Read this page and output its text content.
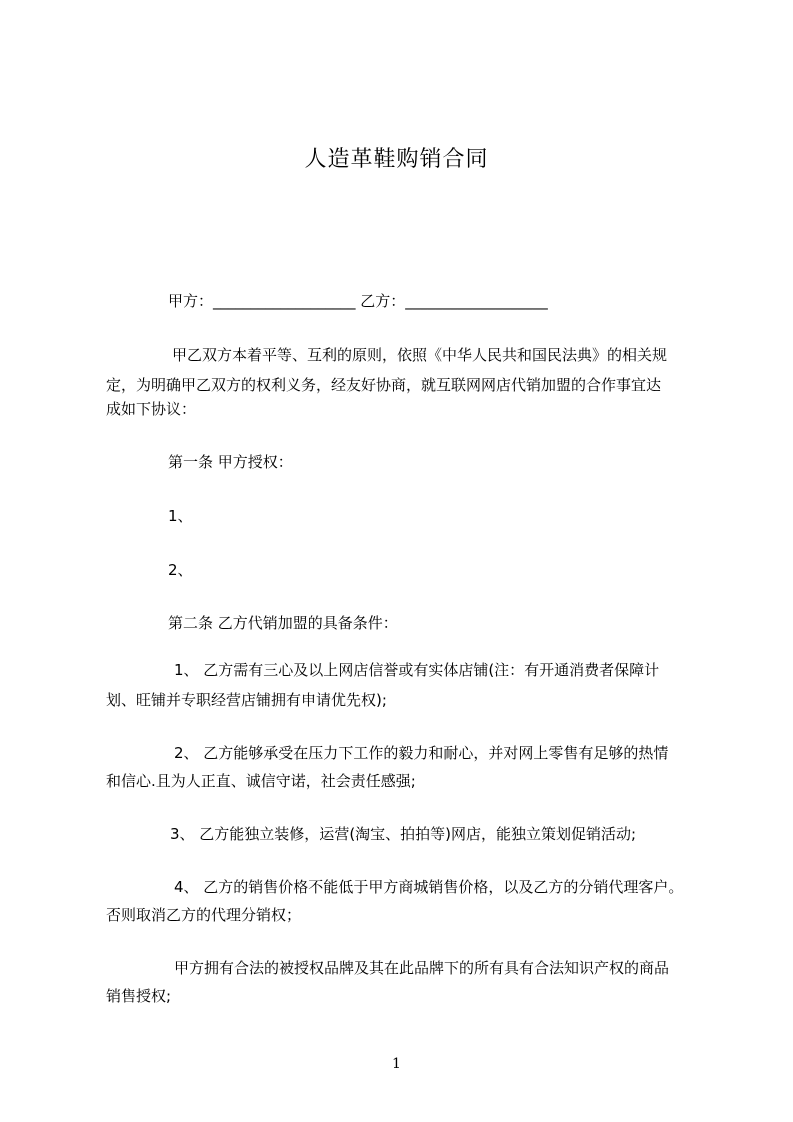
人造革鞋购销合同
甲方：___________________ 乙方：___________________
甲乙双方本着平等、互利的原则，依照《中华人民共和国民法典》的相关规
定，为明确甲乙双方的权利义务，经友好协商，就互联网网店代销加盟的合作事宜达
成如下协议：
第一条 甲方授权：
1、
2、
第二条 乙方代销加盟的具备条件：
1、 乙方需有三心及以上网店信誉或有实体店铺(注：有开通消费者保障计
划、旺铺并专职经营店铺拥有申请优先权);
2、 乙方能够承受在压力下工作的毅力和耐心，并对网上零售有足够的热情
和信心.且为人正直、诚信守诺，社会责任感强;
3、 乙方能独立装修，运营(淘宝、拍拍等)网店，能独立策划促销活动;
4、 乙方的销售价格不能低于甲方商城销售价格，以及乙方的分销代理客户。
否则取消乙方的代理分销权；
甲方拥有合法的被授权品牌及其在此品牌下的所有具有合法知识产权的商品
销售授权;
1
